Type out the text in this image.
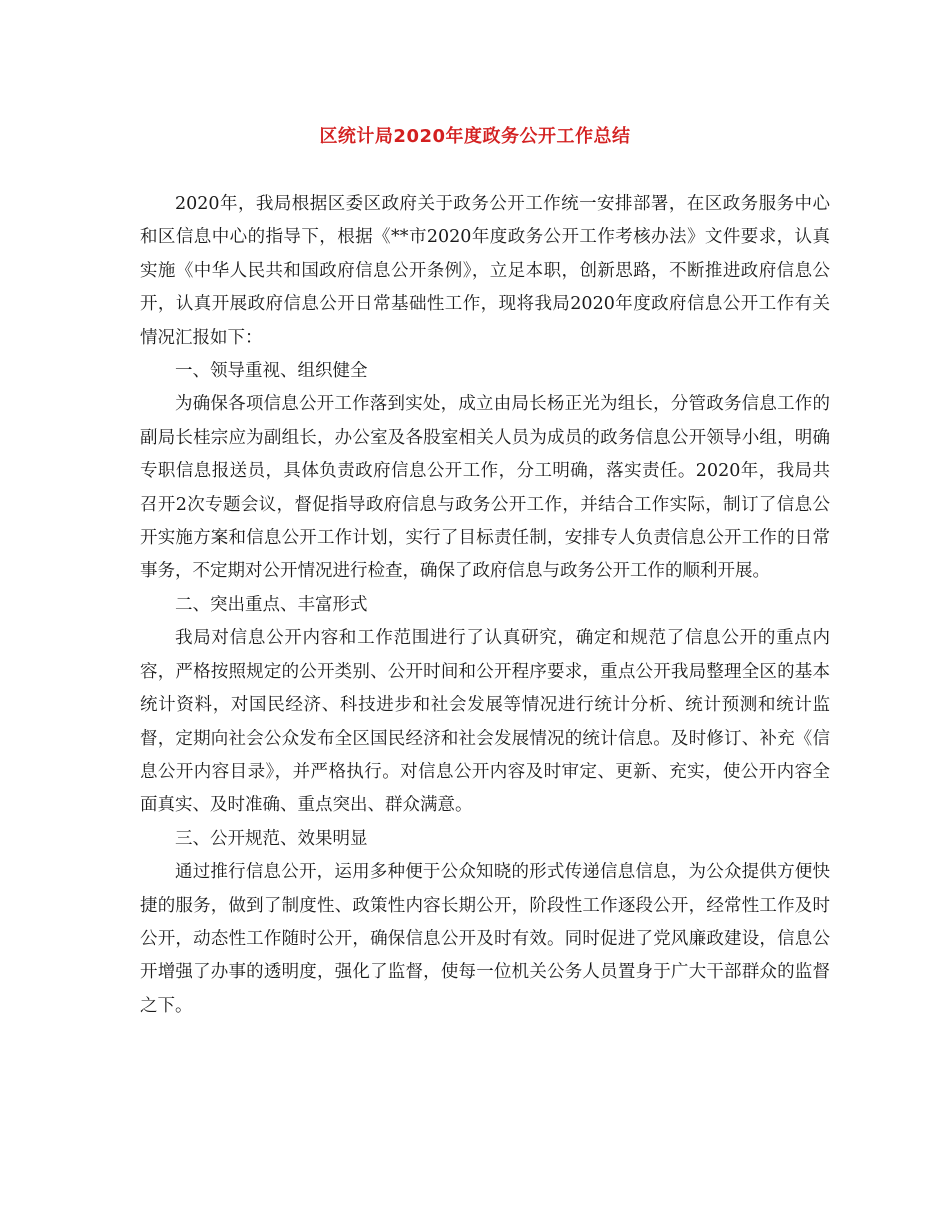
区统计局2020年度政务公开工作总结

2020年，我局根据区委区政府关于政务公开工作统一安排部署，在区政务服务中心和区信息中心的指导下，根据《**市2020年度政务公开工作考核办法》文件要求，认真实施《中华人民共和国政府信息公开条例》，立足本职，创新思路，不断推进政府信息公开，认真开展政府信息公开日常基础性工作，现将我局2020年度政府信息公开工作有关情况汇报如下：

一、领导重视、组织健全

为确保各项信息公开工作落到实处，成立由局长杨正光为组长，分管政务信息工作的副局长桂宗应为副组长，办公室及各股室相关人员为成员的政务信息公开领导小组，明确专职信息报送员，具体负责政府信息公开工作，分工明确，落实责任。2020年，我局共召开2次专题会议，督促指导政府信息与政务公开工作，并结合工作实际，制订了信息公开实施方案和信息公开工作计划，实行了目标责任制，安排专人负责信息公开工作的日常事务，不定期对公开情况进行检查，确保了政府信息与政务公开工作的顺利开展。

二、突出重点、丰富形式

我局对信息公开内容和工作范围进行了认真研究，确定和规范了信息公开的重点内容，严格按照规定的公开类别、公开时间和公开程序要求，重点公开我局整理全区的基本统计资料，对国民经济、科技进步和社会发展等情况进行统计分析、统计预测和统计监督，定期向社会公众发布全区国民经济和社会发展情况的统计信息。及时修订、补充《信息公开内容目录》，并严格执行。对信息公开内容及时审定、更新、充实，使公开内容全面真实、及时准确、重点突出、群众满意。

三、公开规范、效果明显

通过推行信息公开，运用多种便于公众知晓的形式传递信息信息，为公众提供方便快捷的服务，做到了制度性、政策性内容长期公开，阶段性工作逐段公开，经常性工作及时公开，动态性工作随时公开，确保信息公开及时有效。同时促进了党风廉政建设，信息公开增强了办事的透明度，强化了监督，使每一位机关公务人员置身于广大干部群众的监督之下。
